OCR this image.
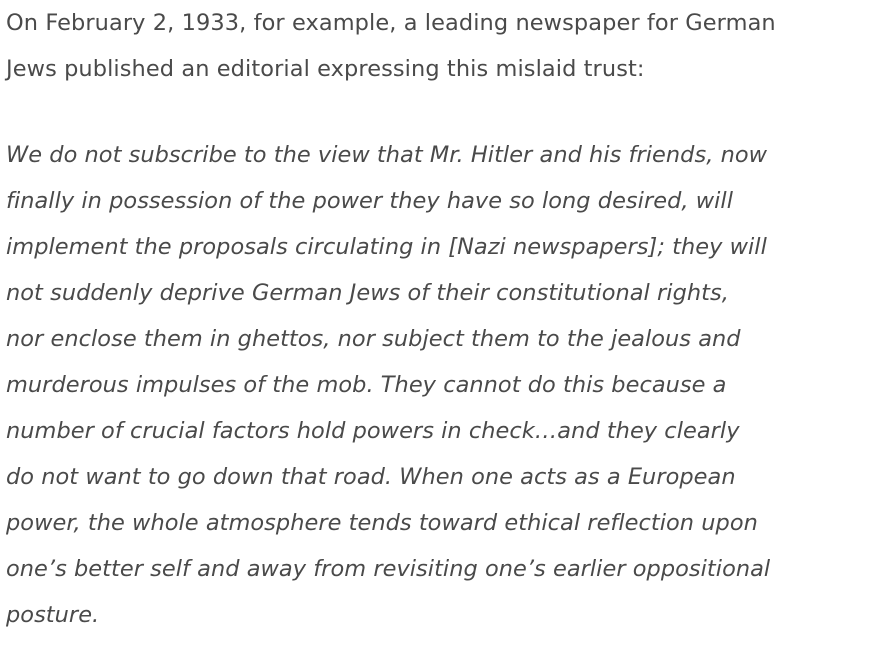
On February 2, 1933, for example, a leading newspaper for German
Jews published an editorial expressing this mislaid trust:

We do not subscribe to the view that Mr. Hitler and his friends, now
finally in possession of the power they have so long desired, will
implement the proposals circulating in [Nazi newspapers]; they will
not suddenly deprive German Jews of their constitutional rights,
nor enclose them in ghettos, nor subject them to the jealous and
murderous impulses of the mob. They cannot do this because a
number of crucial factors hold powers in check…and they clearly
do not want to go down that road. When one acts as a European
power, the whole atmosphere tends toward ethical reflection upon
one’s better self and away from revisiting one’s earlier oppositional
posture.
